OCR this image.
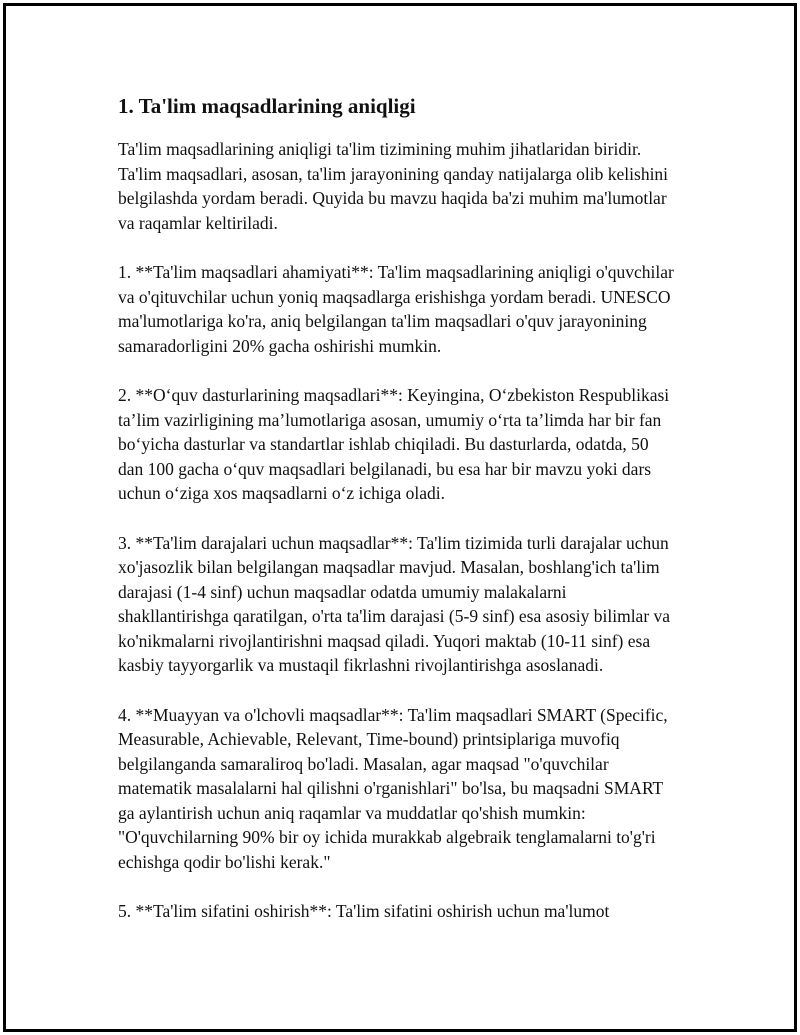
1. Ta'lim maqsadlarining aniqligi

Ta'lim maqsadlarining aniqligi ta'lim tizimining muhim jihatlaridan biridir. Ta'lim maqsadlari, asosan, ta'lim jarayonining qanday natijalarga olib kelishini belgilashda yordam beradi. Quyida bu mavzu haqida ba'zi muhim ma'lumotlar va raqamlar keltiriladi.

1. **Ta'lim maqsadlari ahamiyati**: Ta'lim maqsadlarining aniqligi o'quvchilar va o'qituvchilar uchun yoniq maqsadlarga erishishga yordam beradi. UNESCO ma'lumotlariga ko'ra, aniq belgilangan ta'lim maqsadlari o'quv jarayonining samaradorligini 20% gacha oshirishi mumkin.

2. **O‘quv dasturlarining maqsadlari**: Keyingina, O‘zbekiston Respublikasi ta’lim vazirligining ma’lumotlariga asosan, umumiy o‘rta ta’limda har bir fan bo‘yicha dasturlar va standartlar ishlab chiqiladi. Bu dasturlarda, odatda, 50 dan 100 gacha o‘quv maqsadlari belgilanadi, bu esa har bir mavzu yoki dars uchun o‘ziga xos maqsadlarni o‘z ichiga oladi.

3. **Ta'lim darajalari uchun maqsadlar**: Ta'lim tizimida turli darajalar uchun xo'jasozlik bilan belgilangan maqsadlar mavjud. Masalan, boshlang'ich ta'lim darajasi (1-4 sinf) uchun maqsadlar odatda umumiy malakalarni shakllantirishga qaratilgan, o'rta ta'lim darajasi (5-9 sinf) esa asosiy bilimlar va ko'nikmalarni rivojlantirishni maqsad qiladi. Yuqori maktab (10-11 sinf) esa kasbiy tayyorgarlik va mustaqil fikrlashni rivojlantirishga asoslanadi.

4. **Muayyan va o'lchovli maqsadlar**: Ta'lim maqsadlari SMART (Specific, Measurable, Achievable, Relevant, Time-bound) printsiplariga muvofiq belgilanganda samaraliroq bo'ladi. Masalan, agar maqsad "o'quvchilar matematik masalalarni hal qilishni o'rganishlari" bo'lsa, bu maqsadni SMART ga aylantirish uchun aniq raqamlar va muddatlar qo'shish mumkin: "O'quvchilarning 90% bir oy ichida murakkab algebraik tenglamalarni to'g'ri echishga qodir bo'lishi kerak."

5. **Ta'lim sifatini oshirish**: Ta'lim sifatini oshirish uchun ma'lumot
